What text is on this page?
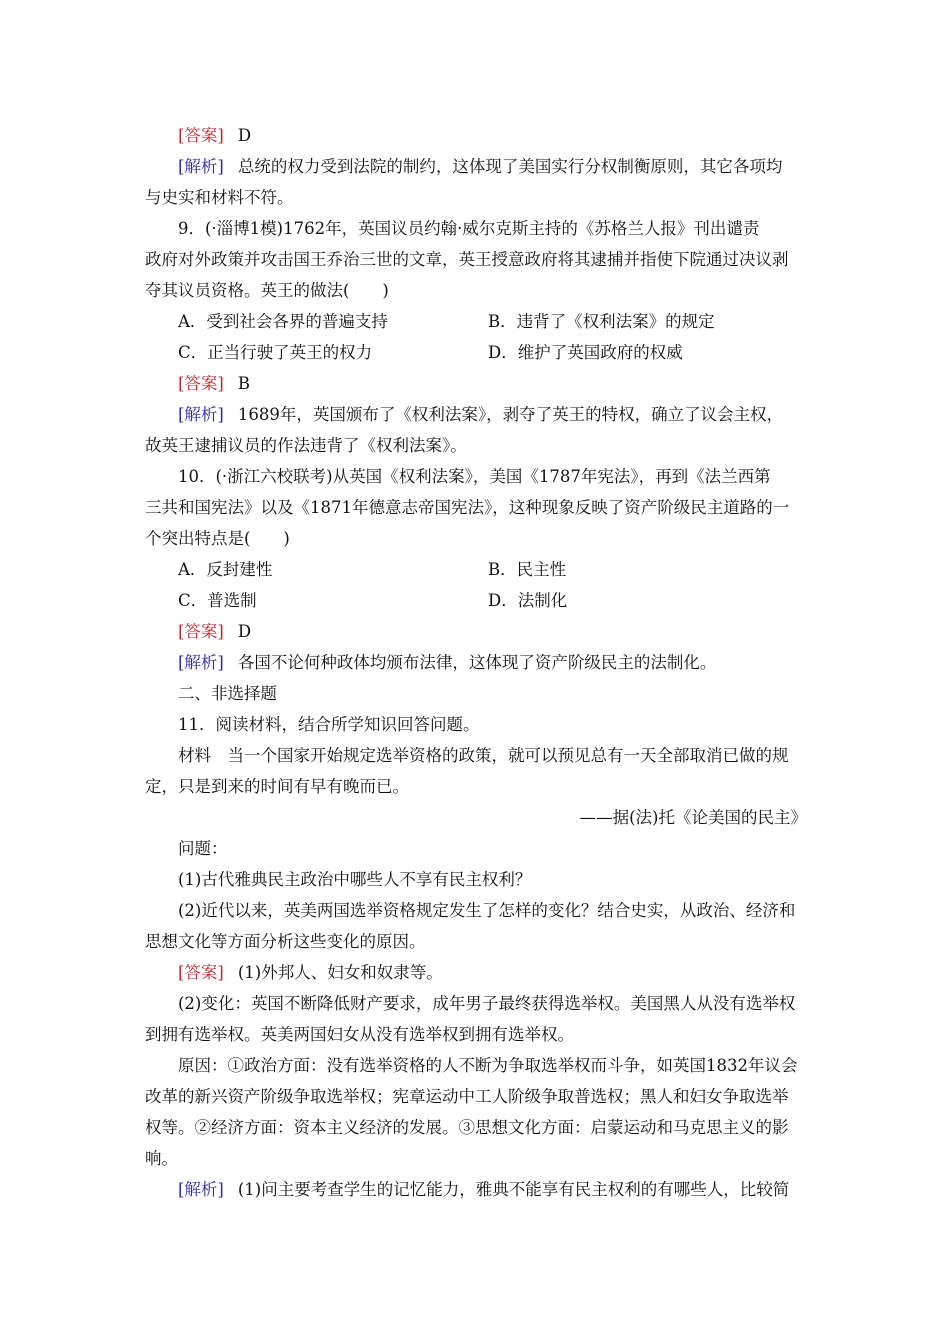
[答案] D
[解析] 总统的权力受到法院的制约，这体现了美国实行分权制衡原则，其它各项均
与史实和材料不符。
9．(·淄博1模)1762年，英国议员约翰·威尔克斯主持的《苏格兰人报》刊出谴责
政府对外政策并攻击国王乔治三世的文章，英王授意政府将其逮捕并指使下院通过决议剥
夺其议员资格。英王的做法(　　)
A．受到社会各界的普遍支持	B．违背了《权利法案》的规定
C．正当行驶了英王的权力	D．维护了英国政府的权威
[答案] B
[解析] 1689年，英国颁布了《权利法案》，剥夺了英王的特权，确立了议会主权，
故英王逮捕议员的作法违背了《权利法案》。
10．(·浙江六校联考)从英国《权利法案》，美国《1787年宪法》，再到《法兰西第
三共和国宪法》以及《1871年德意志帝国宪法》，这种现象反映了资产阶级民主道路的一
个突出特点是(　　)
A．反封建性	B．民主性
C．普选制	D．法制化
[答案] D
[解析] 各国不论何种政体均颁布法律，这体现了资产阶级民主的法制化。
二、非选择题
11．阅读材料，结合所学知识回答问题。
材料　当一个国家开始规定选举资格的政策，就可以预见总有一天全部取消已做的规
定，只是到来的时间有早有晚而已。
——据(法)托《论美国的民主》
问题：
(1)古代雅典民主政治中哪些人不享有民主权利？
(2)近代以来，英美两国选举资格规定发生了怎样的变化？结合史实，从政治、经济和
思想文化等方面分析这些变化的原因。
[答案] (1)外邦人、妇女和奴隶等。
(2)变化：英国不断降低财产要求，成年男子最终获得选举权。美国黑人从没有选举权
到拥有选举权。英美两国妇女从没有选举权到拥有选举权。
原因：①政治方面：没有选举资格的人不断为争取选举权而斗争，如英国1832年议会
改革的新兴资产阶级争取选举权；宪章运动中工人阶级争取普选权；黑人和妇女争取选举
权等。②经济方面：资本主义经济的发展。③思想文化方面：启蒙运动和马克思主义的影
响。
[解析] (1)问主要考查学生的记忆能力，雅典不能享有民主权利的有哪些人，比较简
